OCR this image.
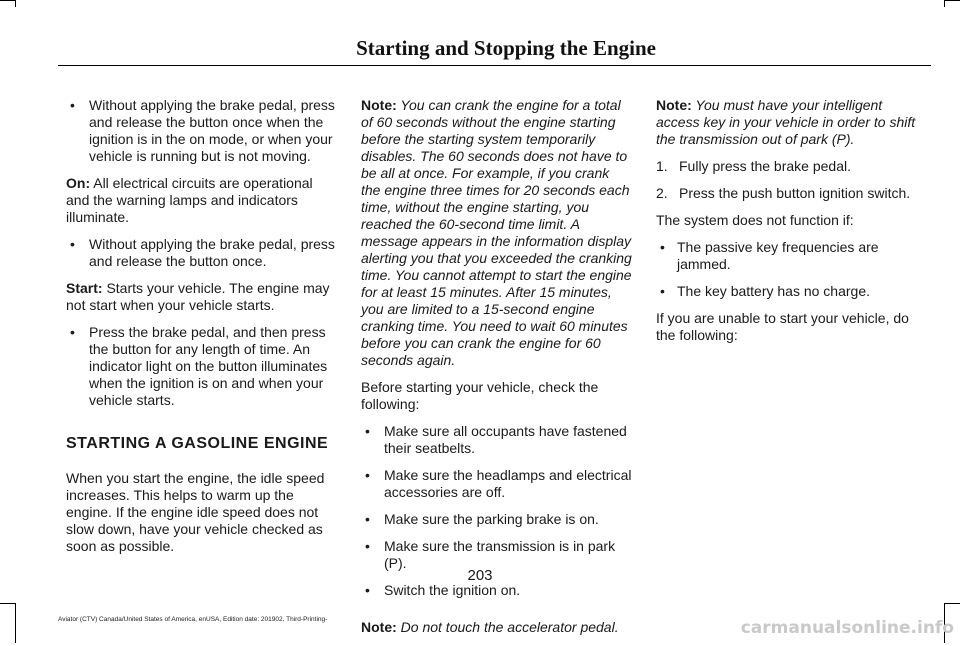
Starting and Stopping the Engine
• Without applying the brake pedal, press and release the button once when the ignition is in the on mode, or when your vehicle is running but is not moving.

On: All electrical circuits are operational and the warning lamps and indicators illuminate.

• Without applying the brake pedal, press and release the button once.

Start: Starts your vehicle. The engine may not start when your vehicle starts.

• Press the brake pedal, and then press the button for any length of time. An indicator light on the button illuminates when the ignition is on and when your vehicle starts.
STARTING A GASOLINE ENGINE

When you start the engine, the idle speed increases. This helps to warm up the engine. If the engine idle speed does not slow down, have your vehicle checked as soon as possible.

Note: You can crank the engine for a total of 60 seconds without the engine starting before the starting system temporarily disables. The 60 seconds does not have to be all at once. For example, if you crank the engine three times for 20 seconds each time, without the engine starting, you reached the 60-second time limit. A message appears in the information display alerting you that you exceeded the cranking time. You cannot attempt to start the engine for at least 15 minutes. After 15 minutes, you are limited to a 15-second engine cranking time. You need to wait 60 minutes before you can crank the engine for 60 seconds again.

Before starting your vehicle, check the following:

• Make sure all occupants have fastened their seatbelts.
• Make sure the headlamps and electrical accessories are off.
• Make sure the parking brake is on.
• Make sure the transmission is in park (P).
• Switch the ignition on.

Note: Do not touch the accelerator pedal.

Note: You must have your intelligent access key in your vehicle in order to shift the transmission out of park (P).

1. Fully press the brake pedal.
2. Press the push button ignition switch.

The system does not function if:

• The passive key frequencies are jammed.
• The key battery has no charge.

If you are unable to start your vehicle, do the following:

203
Aviator (CTV) Canada/United States of America, enUSA, Edition date: 201902, Third-Printing-	carmanualsonline.info
